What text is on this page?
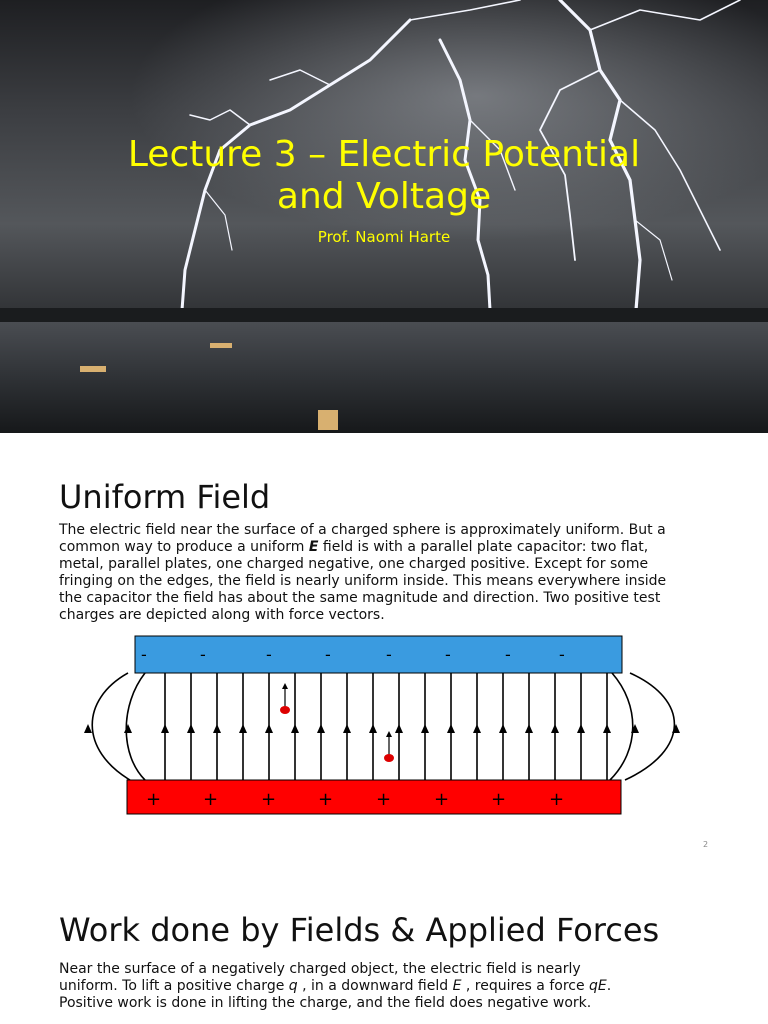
Lecture 3 – Electric Potential
and Voltage
Prof. Naomi Harte
Uniform Field
The electric field near the surface of a charged sphere is approximately uniform. But a common way to produce a uniform E field is with a parallel plate capacitor: two flat, metal, parallel plates, one charged negative, one charged positive. Except for some fringing on the edges, the field is nearly uniform inside. This means everywhere inside the capacitor the field has about the same magnitude and direction. Two positive test charges are depicted along with force vectors.
-	-	-	-	-	-	-	-
+ + + + + + + +
2
Work done by Fields & Applied Forces
Near the surface of a negatively charged object, the electric field is nearly uniform. To lift a positive charge q , in a downward field E , requires a force qE. Positive work is done in lifting the charge, and the field does negative work.
